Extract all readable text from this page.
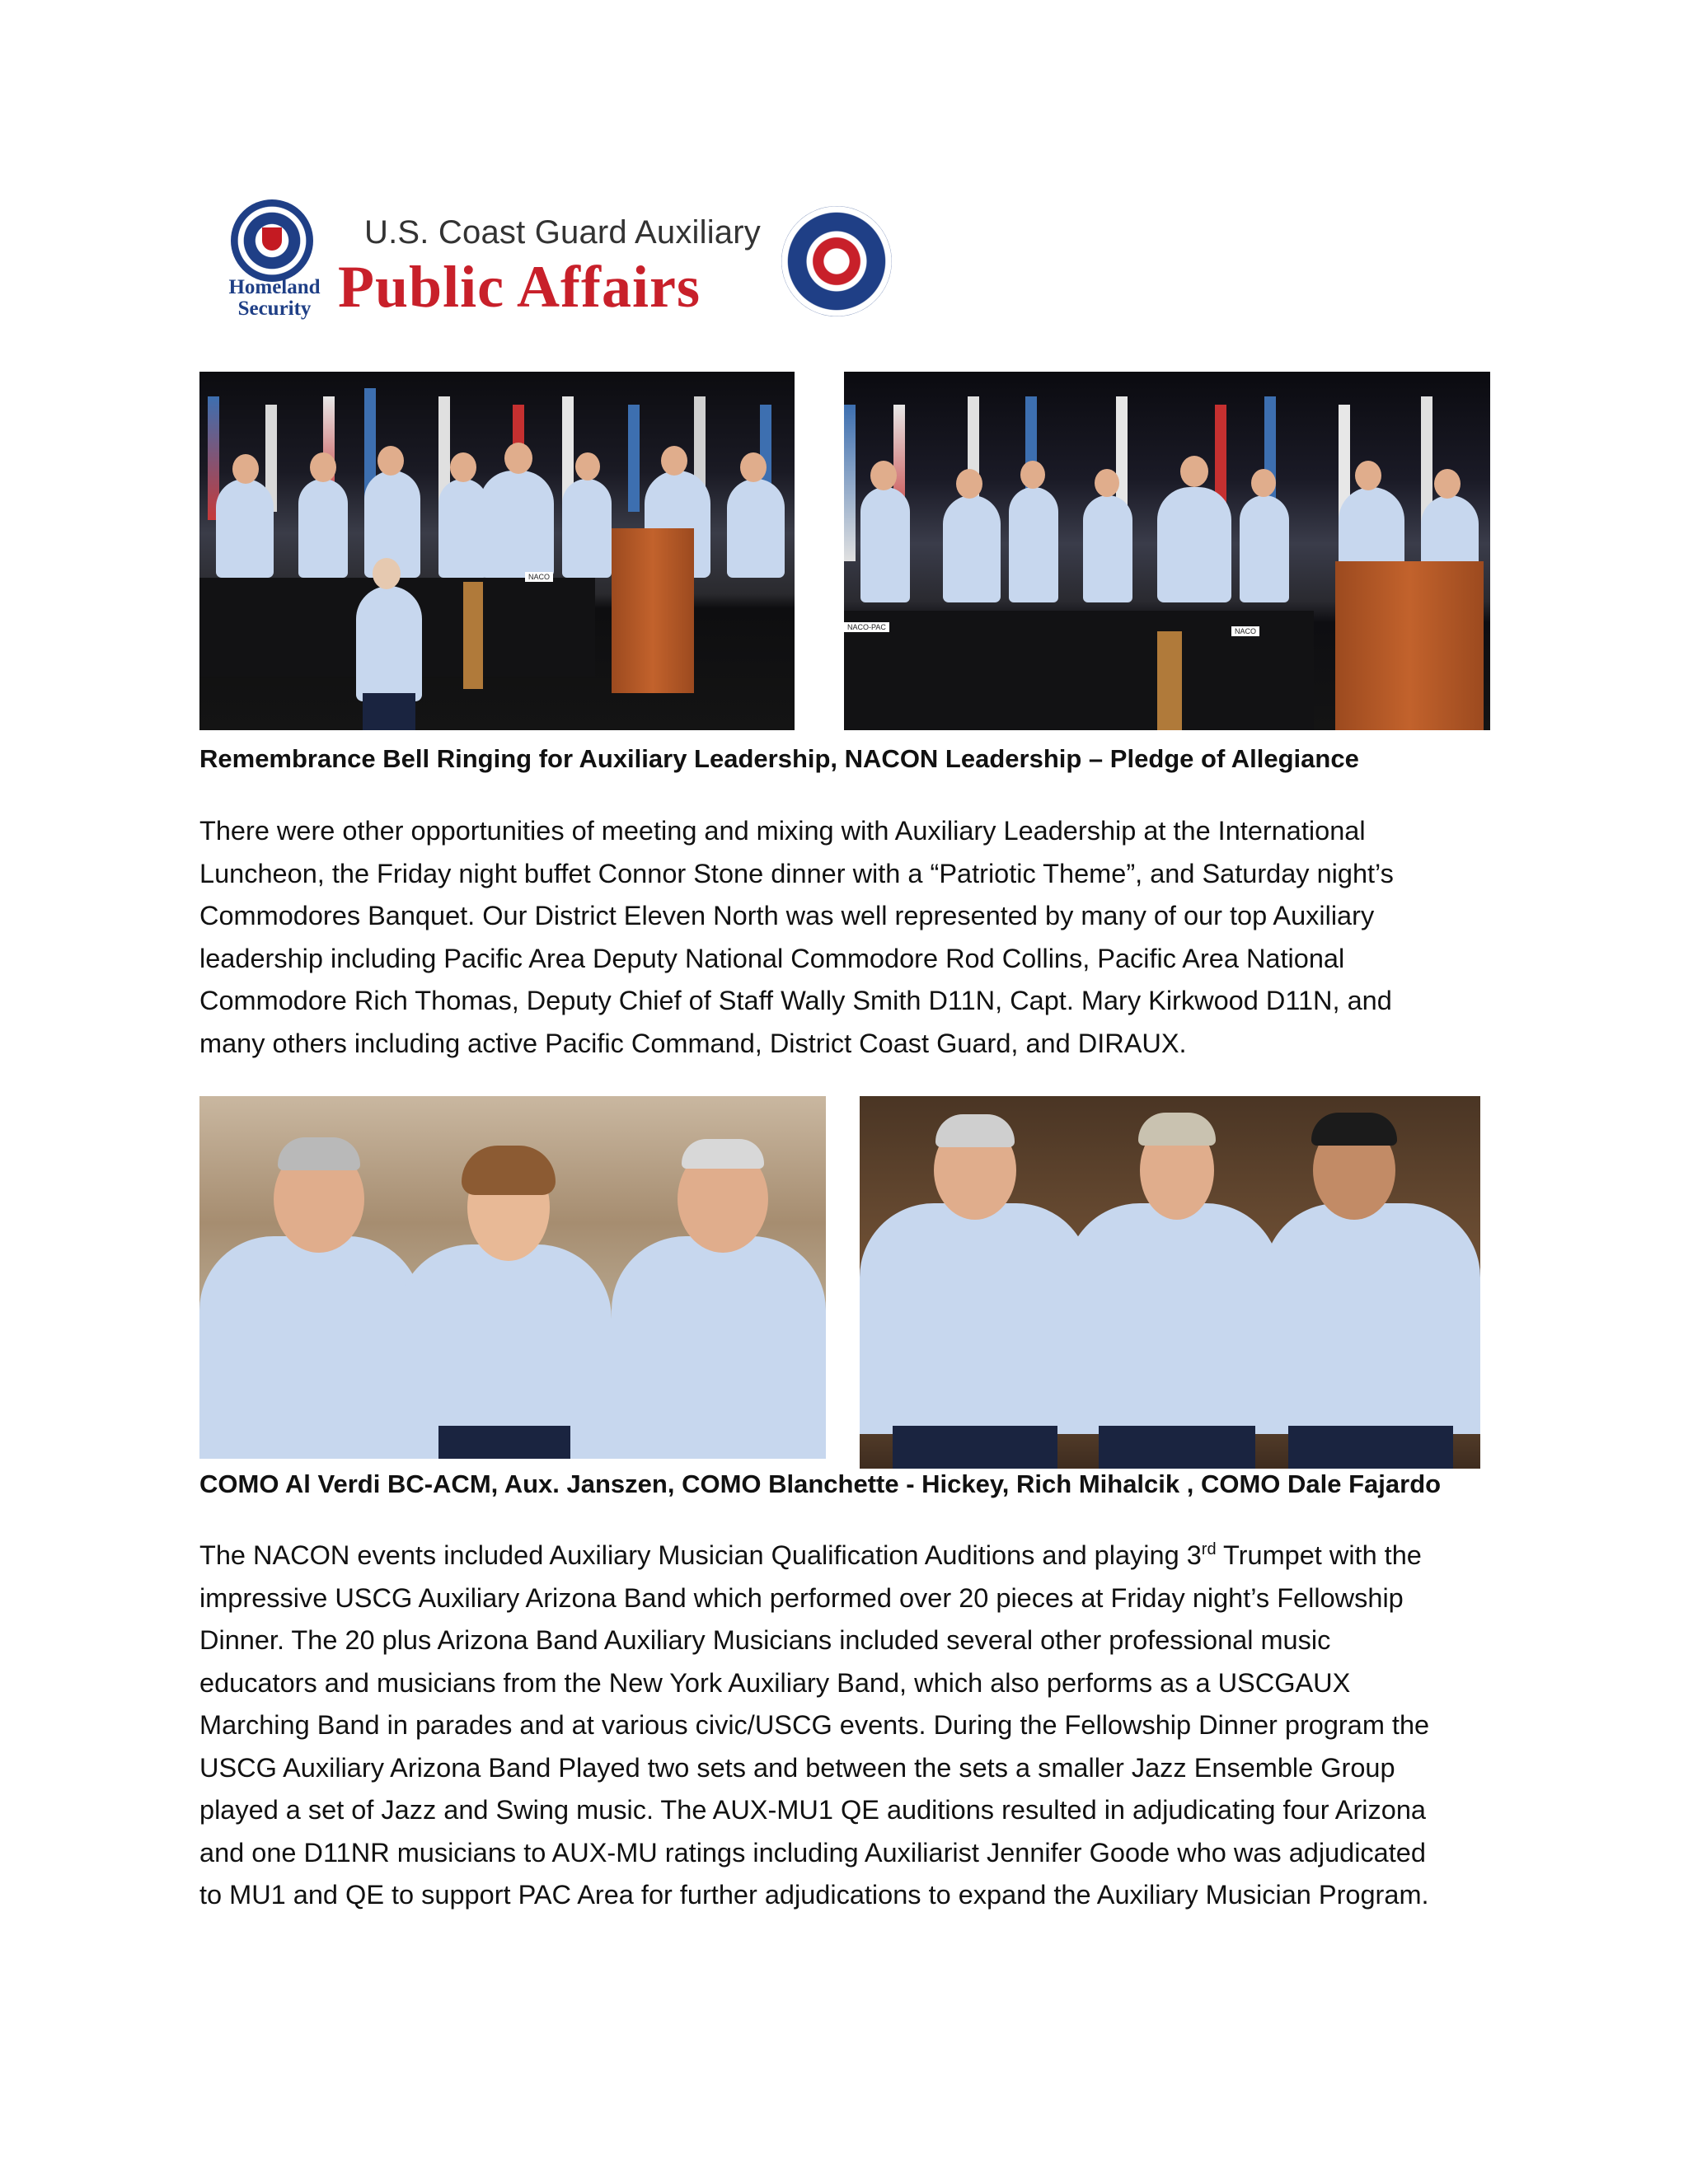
Homeland
Security
U.S. Coast Guard Auxiliary
Public Affairs
NACO
NACO-PAC	NACO
Remembrance Bell Ringing for Auxiliary Leadership, NACON Leadership – Pledge of Allegiance
There were other opportunities of meeting and mixing with Auxiliary Leadership at the International
Luncheon, the Friday night buffet Connor Stone dinner with a “Patriotic Theme”, and Saturday night’s
Commodores Banquet. Our District Eleven North was well represented by many of our top Auxiliary
leadership including Pacific Area Deputy National Commodore Rod Collins, Pacific Area National
Commodore Rich Thomas, Deputy Chief of Staff Wally Smith D11N, Capt. Mary Kirkwood D11N, and
many others including active Pacific Command, District Coast Guard, and DIRAUX.
COMO Al Verdi BC-ACM, Aux. Janszen, COMO Blanchette - Hickey, Rich Mihalcik , COMO Dale Fajardo
The NACON events included Auxiliary Musician Qualification Auditions and playing 3rd Trumpet with the
impressive USCG Auxiliary Arizona Band which performed over 20 pieces at Friday night’s Fellowship
Dinner. The 20 plus Arizona Band Auxiliary Musicians included several other professional music
educators and musicians from the New York Auxiliary Band, which also performs as a USCGAUX
Marching Band in parades and at various civic/USCG events. During the Fellowship Dinner program the
USCG Auxiliary Arizona Band Played two sets and between the sets a smaller Jazz Ensemble Group
played a set of Jazz and Swing music. The AUX-MU1 QE auditions resulted in adjudicating four Arizona
and one D11NR musicians to AUX-MU ratings including Auxiliarist Jennifer Goode who was adjudicated
to MU1 and QE to support PAC Area for further adjudications to expand the Auxiliary Musician Program.
